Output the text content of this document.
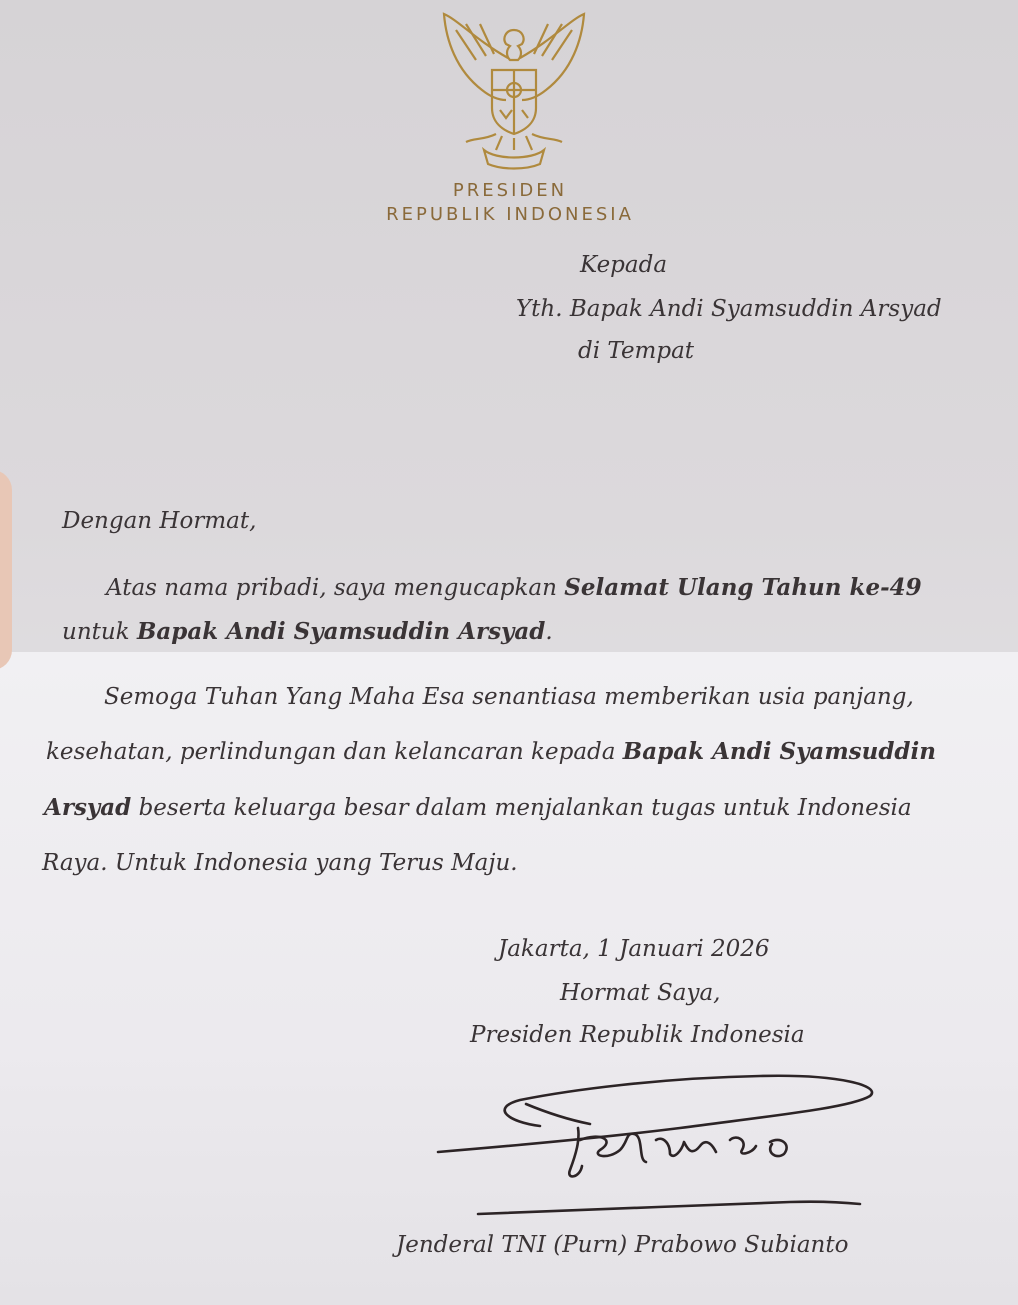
PRESIDEN
REPUBLIK INDONESIA
Kepada
Yth. Bapak Andi Syamsuddin Arsyad
di Tempat
Dengan Hormat,
Atas nama pribadi, saya mengucapkan Selamat Ulang Tahun ke-49
untuk Bapak Andi Syamsuddin Arsyad.
Semoga Tuhan Yang Maha Esa senantiasa memberikan usia panjang,
kesehatan, perlindungan dan kelancaran kepada Bapak Andi Syamsuddin
Arsyad beserta keluarga besar dalam menjalankan tugas untuk Indonesia
Raya. Untuk Indonesia yang Terus Maju.
Jakarta, 1 Januari 2026
Hormat Saya,
Presiden Republik Indonesia
Jenderal TNI (Purn) Prabowo Subianto
